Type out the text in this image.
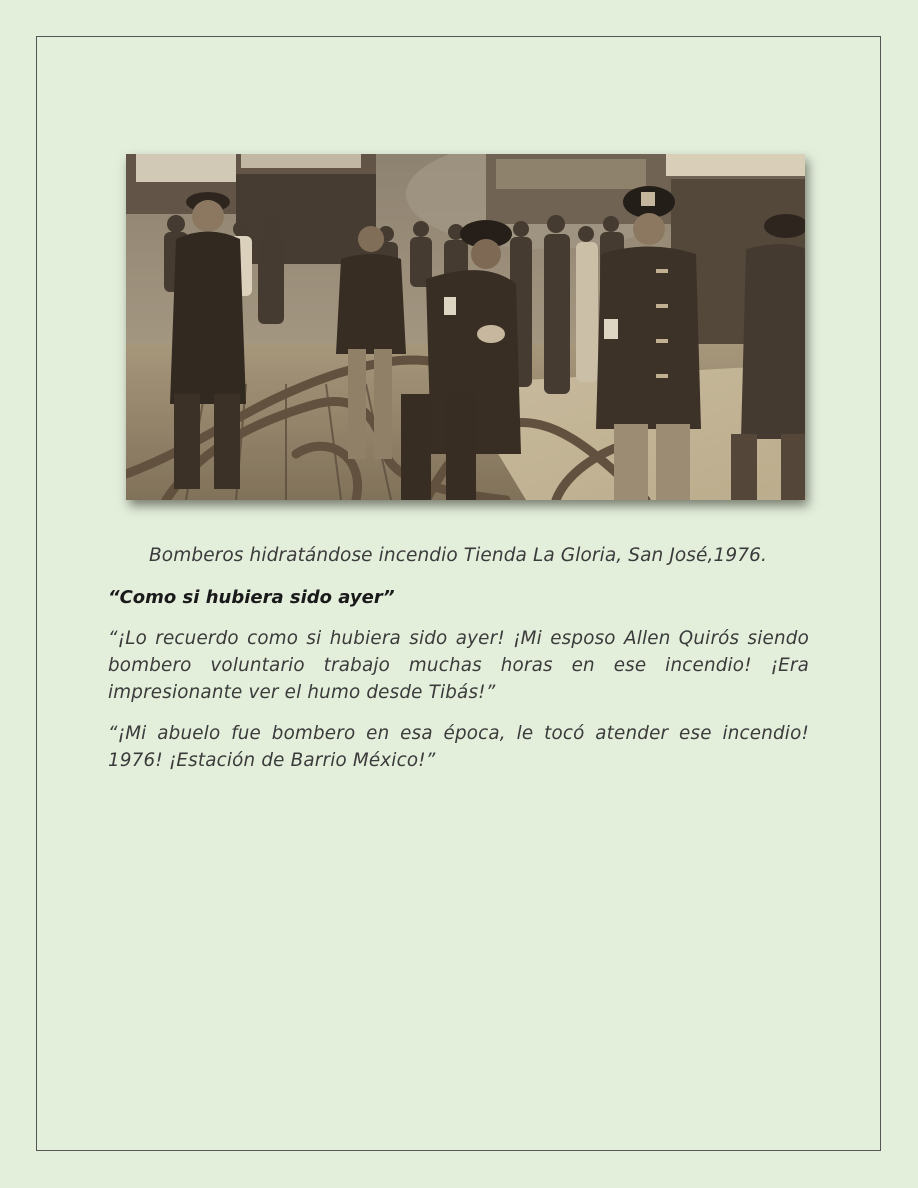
Bomberos hidratándose incendio Tienda La Gloria, San José,1976.
“Como si hubiera sido ayer”

“¡Lo recuerdo como si hubiera sido ayer! ¡Mi esposo Allen Quirós siendo bombero voluntario trabajo muchas horas en ese incendio! ¡Era impresionante ver el humo desde Tibás!”

“¡Mi abuelo fue bombero en esa época, le tocó atender ese incendio! 1976! ¡Estación de Barrio México!”
